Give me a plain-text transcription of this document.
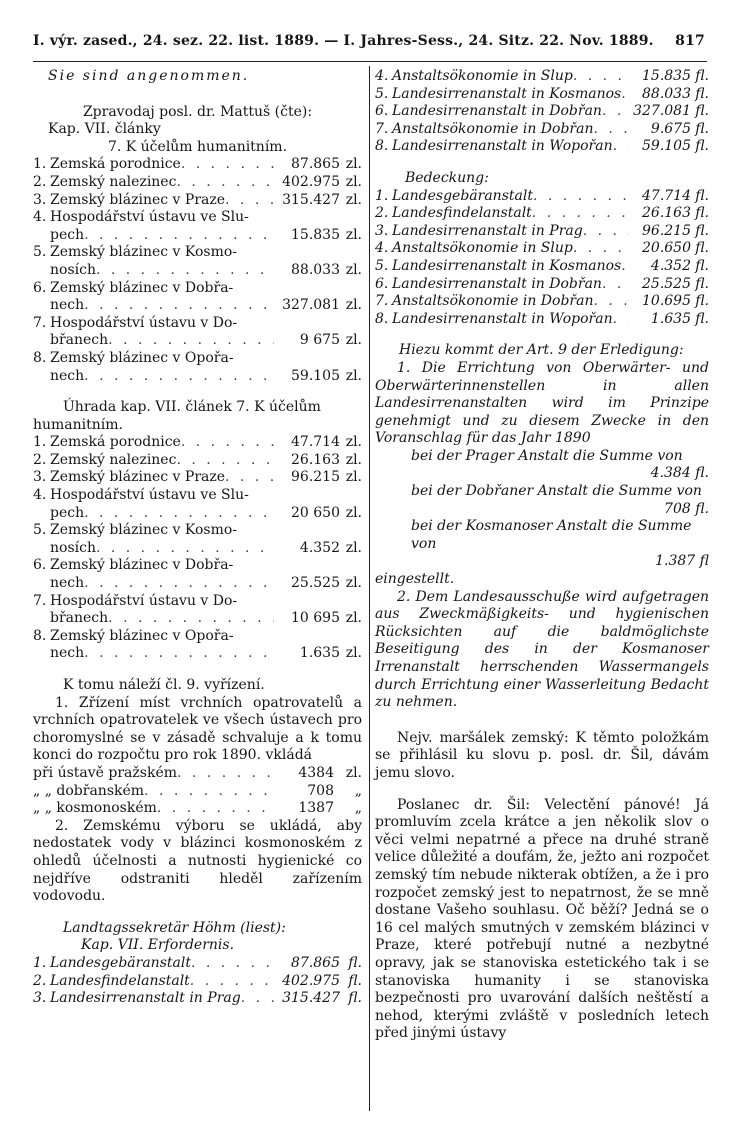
I. výr. zased., 24. sez. 22. list. 1889. — I. Jahres-Sess., 24. Sitz. 22. Nov. 1889. 817
Sie sind angenommen.
Zpravodaj posl. dr. Mattuš (čte):
Kap. VII. články
7. K účelům humanitním.
1. Zemská porodnice . . .	87.865 zl.
2. Zemský nalezinec . . .	402.975 zl.
3. Zemský blázinec v Praze . . .	315.427 zl.
4. Hospodářství ústavu ve Slu-
pech . . .	15.835 zl.
5. Zemský blázinec v Kosmo-
nosích . . .	88.033 zl.
6. Zemský blázinec v Dobřa-
nech . . .	327.081 zl.
7. Hospodářství ústavu v Do-
břanech . . .	9 675 zl.
8. Zemský blázinec v Opořa-
nech . . .	59.105 zl.
Úhrada kap. VII. článek 7. K účelům
humanitním.
1. Zemská porodnice . . .	47.714 zl.
2. Zemský nalezinec . . .	26.163 zl.
3. Zemský blázinec v Praze . . .	96.215 zl.
4. Hospodářství ústavu ve Slu-
pech . . .	20 650 zl.
5. Zemský blázinec v Kosmo-
nosích . . .	4.352 zl.
6. Zemský blázinec v Dobřa-
nech . . .	25.525 zl.
7. Hospodářství ústavu v Do-
břanech . . .	10 695 zl.
8. Zemský blázinec v Opořa-
nech . . .	1.635 zl.
K tomu náleží čl. 9. vyřízení.
1. Zřízení míst vrchních opatrovatelů a vrchních opatrovatelek ve všech ústavech pro choromyslné se v zásadě schvaluje a k tomu konci do rozpočtu pro rok 1890. vkládá
při ústavě pražském . . .	4384 zl.
„ „ dobřanském . . .	708	„
„ „ kosmonoském . . .	1387	„
2. Zemskému výboru se ukládá, aby nedostatek vody v blázinci kosmonoském z ohledů účelnosti a nutnosti hygienické co nejdříve odstraniti hleděl zařízením vodovodu.
Landtagssekretär Höhm (liest):
Kap. VII. Erfordernis.
1. Landesgebäranstalt . . .	87.865 fl.
2. Landesfindelanstalt . . .	402.975 fl.
3. Landesirrenanstalt in Prag . . .	315.427 fl.
4. Anstaltsökonomie in Slup . . .	15.835 fl.
5. Landesirrenanstalt in Kosmanos . . .	88.033 fl.
6. Landesirrenanstalt in Dobřan . . . 327.081 fl.
7. Anstaltsökonomie in Dobřan . . .	9.675 fl.
8. Landesirrenanstalt in Wopořan . . .	59.105 fl.
Bedeckung:
1. Landesgebäranstalt . . .	47.714 fl.
2. Landesfindelanstalt . . .	26.163 fl.
3. Landesirrenanstalt in Prag . . .	96.215 fl.
4. Anstaltsökonomie in Slup . . .	20.650 fl.
5. Landesirrenanstalt in Kosmanos . . .	4.352 fl.
6. Landesirrenanstalt in Dobřan . . .	25.525 fl.
7. Anstaltsökonomie in Dobřan . . .	10.695 fl.
8. Landesirrenanstalt in Wopořan . . .	1.635 fl.
Hiezu kommt der Art. 9 der Erledigung:
1. Die Errichtung von Oberwärter- und Oberwärterinnenstellen in allen Landesirrenanstalten wird im Prinzipe genehmigt und zu diesem Zwecke in den Voranschlag für das Jahr 1890
bei der Prager Anstalt die Summe von
4.384 fl.
bei der Dobřaner Anstalt die Summe von
708 fl.
bei der Kosmanoser Anstalt die Summe von
1.387 fl
eingestellt.
2. Dem Landesausschuße wird aufgetragen aus Zweckmäßigkeits- und hygienischen Rücksichten auf die baldmöglichste Beseitigung des in der Kosmanoser Irrenanstalt herrschenden Wassermangels durch Errichtung einer Wasserleitung Bedacht zu nehmen.
Nejv. maršálek zemský: K těmto položkám se přihlásil ku slovu p. posl. dr. Šil, dávám jemu slovo.
Poslanec dr. Šil: Velectění pánové! Já promluvím zcela krátce a jen několik slov o věci velmi nepatrné a přece na druhé straně velice důležité a doufám, že, ježto ani rozpočet zemský tím nebude nikterak obtížen, a že i pro rozpočet zemský jest to nepatrnost, že se mně dostane Vašeho souhlasu. Oč běží? Jedná se o 16 cel malých smutných v zemském blázinci v Praze, které potřebují nutné a nezbytné opravy, jak se stanoviska estetického tak i se stanoviska humanity i se stanoviska bezpečnosti pro uvarování dalších neštěstí a nehod, kterými zvláště v posledních letech před jinými ústavy
